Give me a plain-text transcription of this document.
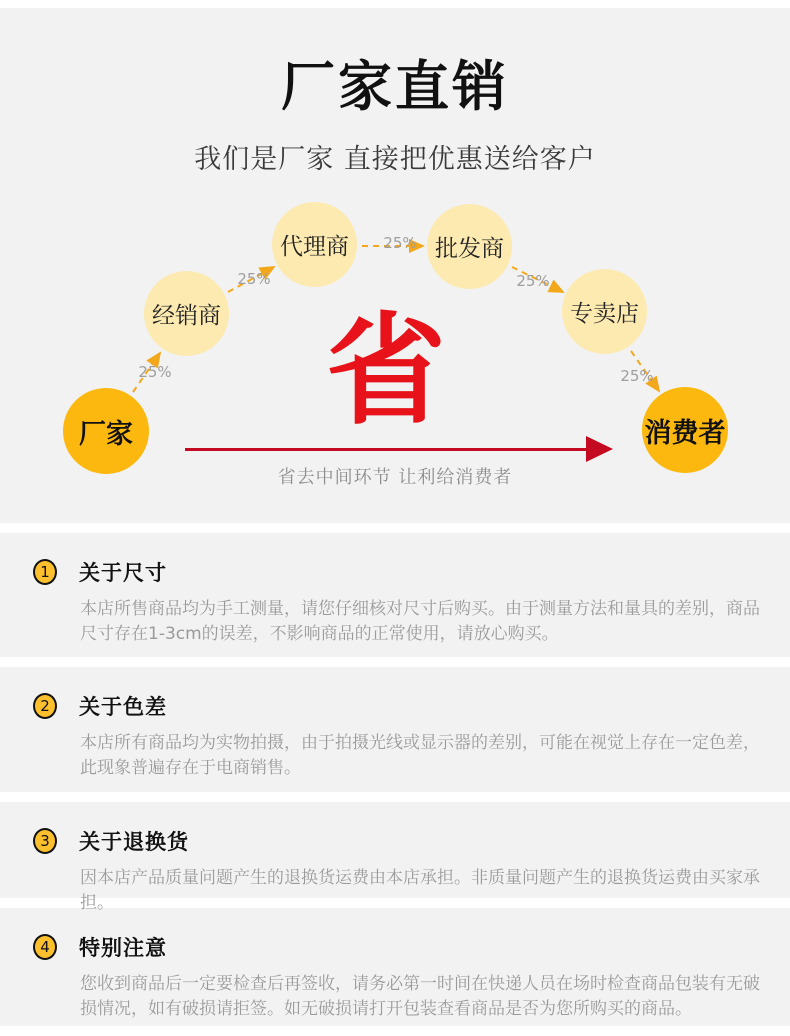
厂家直销
我们是厂家 直接把优惠送给客户
厂家
经销商
代理商	批发商
专卖店
消费者
25%
25%
25%
25%
25%
省
省去中间环节 让利给消费者
1	关于尺寸
本店所售商品均为手工测量，请您仔细核对尺寸后购买。由于测量方法和量具的差别，商品尺寸存在1-3cm的误差，不影响商品的正常使用，请放心购买。
2	关于色差
本店所有商品均为实物拍摄，由于拍摄光线或显示器的差别，可能在视觉上存在一定色差，此现象普遍存在于电商销售。
3	关于退换货
因本店产品质量问题产生的退换货运费由本店承担。非质量问题产生的退换货运费由买家承担。
4	特别注意
您收到商品后一定要检查后再签收，请务必第一时间在快递人员在场时检查商品包装有无破损情况，如有破损请拒签。如无破损请打开包装查看商品是否为您所购买的商品。
